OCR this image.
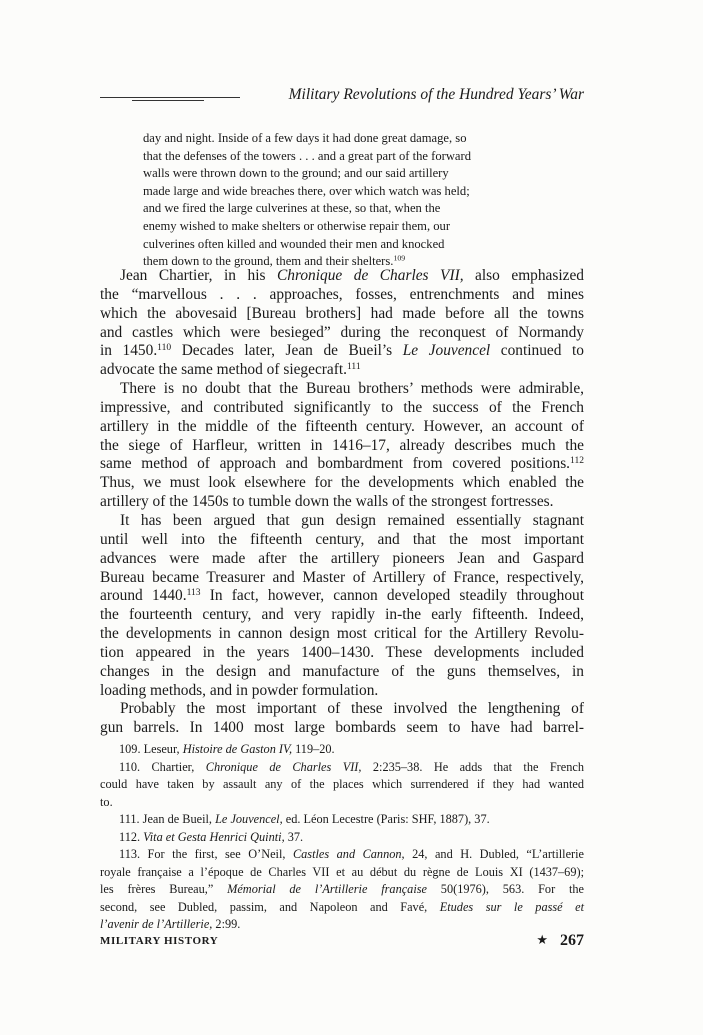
Military Revolutions of the Hundred Years’ War
day and night. Inside of a few days it had done great damage, so
that the defenses of the towers . . . and a great part of the forward
walls were thrown down to the ground; and our said artillery
made large and wide breaches there, over which watch was held;
and we fired the large culverines at these, so that, when the
enemy wished to make shelters or otherwise repair them, our
culverines often killed and wounded their men and knocked
them down to the ground, them and their shelters.$^{109}$
Jean Chartier, in his Chronique de Charles VII, also emphasized
the “marvellous . . . approaches, fosses, entrenchments and mines
which the abovesaid [Bureau brothers] had made before all the towns
and castles which were besieged” during the reconquest of Normandy
in 1450.$^{110}$ Decades later, Jean de Bueil’s Le Jouvencel continued to
advocate the same method of siegecraft.$^{111}$
There is no doubt that the Bureau brothers’ methods were admirable,
impressive, and contributed significantly to the success of the French
artillery in the middle of the fifteenth century. However, an account of
the siege of Harfleur, written in 1416–17, already describes much the
same method of approach and bombardment from covered positions.$^{112}$
Thus, we must look elsewhere for the developments which enabled the
artillery of the 1450s to tumble down the walls of the strongest fortresses.
It has been argued that gun design remained essentially stagnant
until well into the fifteenth century, and that the most important
advances were made after the artillery pioneers Jean and Gaspard
Bureau became Treasurer and Master of Artillery of France, respectively,
around 1440.$^{113}$ In fact, however, cannon developed steadily throughout
the fourteenth century, and very rapidly in-the early fifteenth. Indeed,
the developments in cannon design most critical for the Artillery Revolu-
tion appeared in the years 1400–1430. These developments included
changes in the design and manufacture of the guns themselves, in
loading methods, and in powder formulation.
Probably the most important of these involved the lengthening of
gun barrels. In 1400 most large bombards seem to have had barrel-
109. Leseur, Histoire de Gaston IV, 119–20.
110. Chartier, Chronique de Charles VII, 2:235–38. He adds that the French
could have taken by assault any of the places which surrendered if they had wanted
to.
111. Jean de Bueil, Le Jouvencel, ed. Léon Lecestre (Paris: SHF, 1887), 37.
112. Vita et Gesta Henrici Quinti, 37.
113. For the first, see O’Neil, Castles and Cannon, 24, and H. Dubled, “L’artillerie
royale française a l’époque de Charles VII et au début du règne de Louis XI (1437–69);
les frères Bureau,” Mémorial de l’Artillerie française 50(1976), 563. For the
second, see Dubled, passim, and Napoleon and Favé, Etudes sur le passé et
l’avenir de l’Artillerie, 2:99.
MILITARY HISTORY	★ 267
